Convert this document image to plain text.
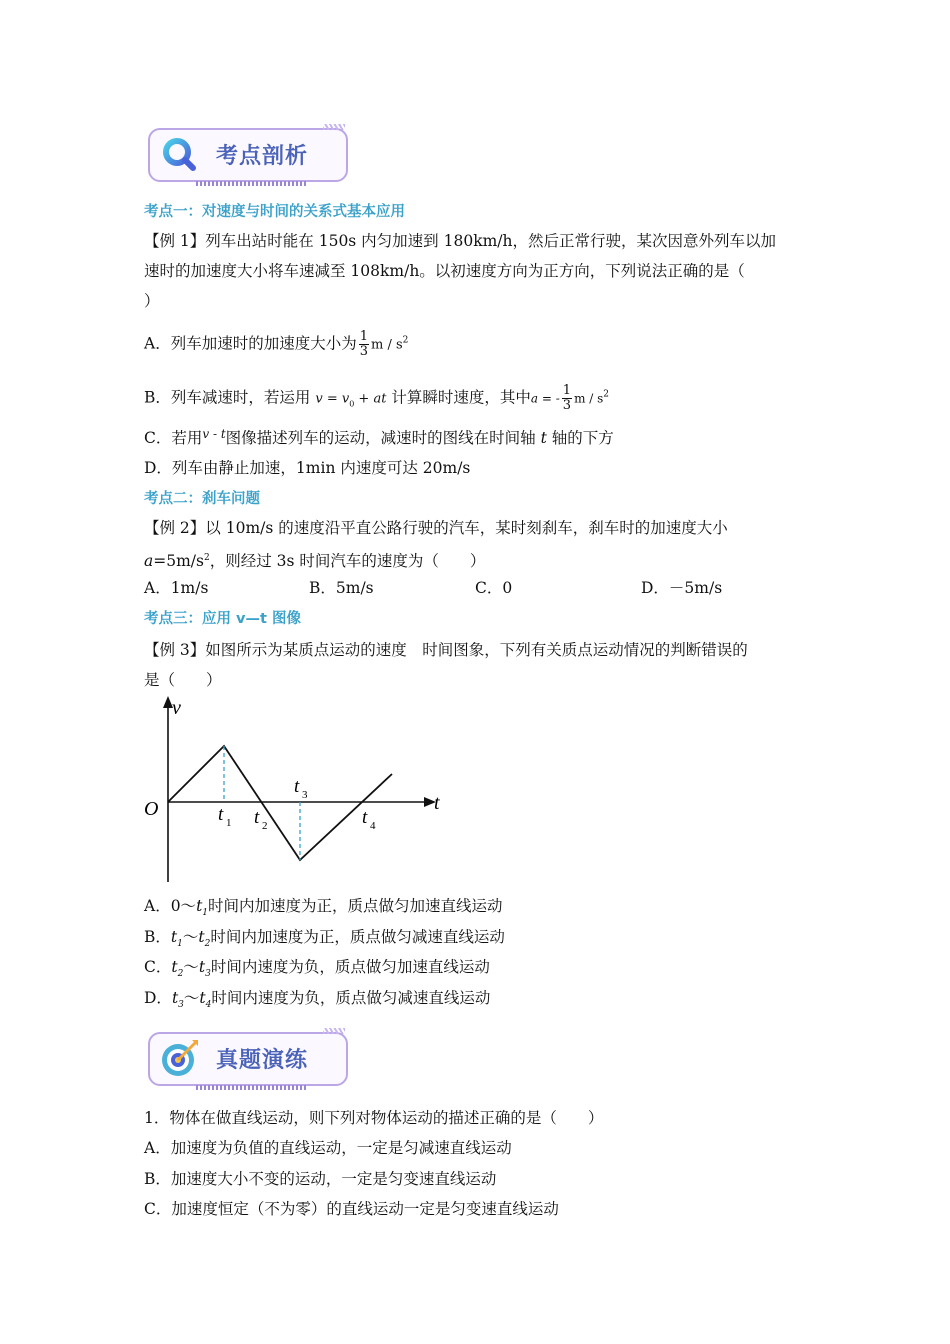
考点剖析
考点一：对速度与时间的关系式基本应用
【例 1】列车出站时能在 150s 内匀加速到 180km/h，然后正常行驶，某次因意外列车以加
速时的加速度大小将车速减至 108km/h。以初速度方向为正方向，下列说法正确的是（
）
A．列车加速时的加速度大小为 $\frac{1}{3}$ m / $s^2$
B．列车减速时，若运用 $v = v_0$ + at 计算瞬时速度，其中a = - $\frac{1}{3}$ m / $s^2$
C．若用$^{v - t}$图像描述列车的运动，减速时的图线在时间轴 t 轴的下方
D．列车由静止加速，1min 内速度可达 20m/s
考点二：刹车问题
【例 2】以 10m/s 的速度沿平直公路行驶的汽车，某时刻刹车，刹车时的加速度大小
$a=5m/s^2$，则经过 3s 时间汽车的速度为（　　）
A．1m/s	B．5m/s	C．0	D．－5m/s
考点三：应用 v—t 图像
【例 3】如图所示为某质点运动的速度　时间图象，下列有关质点运动情况的判断错误的
是（　　）
v
t
O	t 1 t 2
t 3
t 4
A．$0\sim t_1$时间内加速度为正，质点做匀加速直线运动
B．$t_1\sim t_2$时间内加速度为正，质点做匀减速直线运动
C．$t_2\sim t_3$时间内速度为负，质点做匀加速直线运动
D．$t_3\sim t_4$时间内速度为负，质点做匀减速直线运动
真题演练
1．物体在做直线运动，则下列对物体运动的描述正确的是（　　）
A．加速度为负值的直线运动，一定是匀减速直线运动
B．加速度大小不变的运动，一定是匀变速直线运动
C．加速度恒定（不为零）的直线运动一定是匀变速直线运动
